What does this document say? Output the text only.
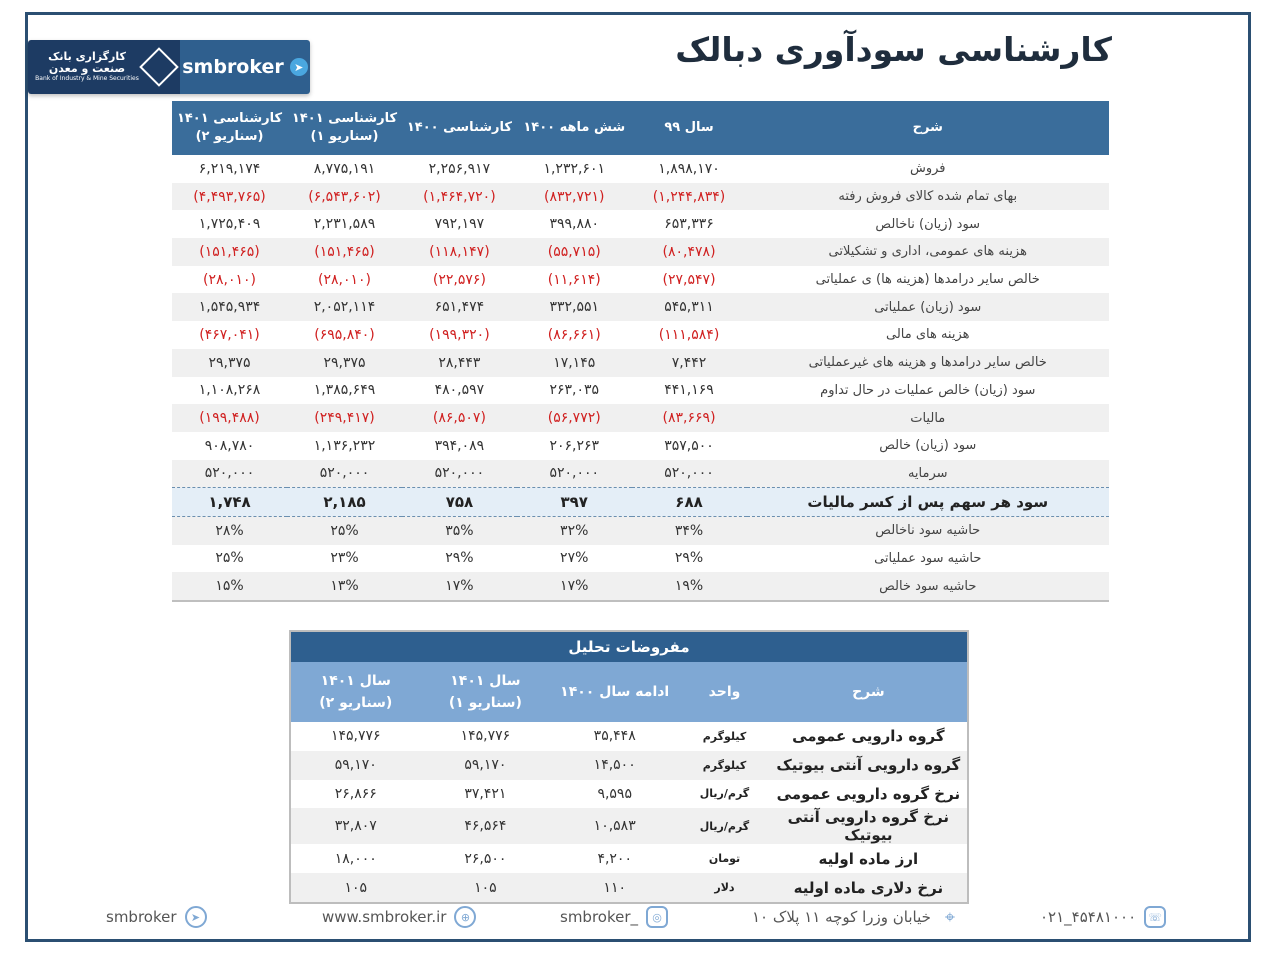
کارشناسی سودآوری دبالک
کارگزاری بانک
صنعت و معدن
Bank of Industry & Mine Securities
smbroker ➤
شرح	سال ۹۹	شش ماهه ۱۴۰۰	کارشناسی ۱۴۰۰	کارشناسی ۱۴۰۱ (سناریو ۱)	کارشناسی ۱۴۰۱ (سناریو ۲)
فروش	۱,۸۹۸,۱۷۰	۱,۲۳۲,۶۰۱	۲,۲۵۶,۹۱۷	۸,۷۷۵,۱۹۱	۶,۲۱۹,۱۷۴
بهای تمام شده کالای فروش رفته	(۱,۲۴۴,۸۳۴)	(۸۳۲,۷۲۱)	(۱,۴۶۴,۷۲۰)	(۶,۵۴۳,۶۰۲)	(۴,۴۹۳,۷۶۵)
سود (زیان) ناخالص	۶۵۳,۳۳۶	۳۹۹,۸۸۰	۷۹۲,۱۹۷	۲,۲۳۱,۵۸۹	۱,۷۲۵,۴۰۹
هزینه های عمومی، اداری و تشکیلاتی	(۸۰,۴۷۸)	(۵۵,۷۱۵)	(۱۱۸,۱۴۷)	(۱۵۱,۴۶۵)	(۱۵۱,۴۶۵)
خالص سایر درامدها (هزینه ها) ی عملیاتی	(۲۷,۵۴۷)	(۱۱,۶۱۴)	(۲۲,۵۷۶)	(۲۸,۰۱۰)	(۲۸,۰۱۰)
سود (زیان) عملیاتی	۵۴۵,۳۱۱	۳۳۲,۵۵۱	۶۵۱,۴۷۴	۲,۰۵۲,۱۱۴	۱,۵۴۵,۹۳۴
هزینه های مالی	(۱۱۱,۵۸۴)	(۸۶,۶۶۱)	(۱۹۹,۳۲۰)	(۶۹۵,۸۴۰)	(۴۶۷,۰۴۱)
خالص سایر درامدها و هزینه های غیرعملیاتی	۷,۴۴۲	۱۷,۱۴۵	۲۸,۴۴۳	۲۹,۳۷۵	۲۹,۳۷۵
سود (زیان) خالص عملیات در حال تداوم	۴۴۱,۱۶۹	۲۶۳,۰۳۵	۴۸۰,۵۹۷	۱,۳۸۵,۶۴۹	۱,۱۰۸,۲۶۸
مالیات	(۸۳,۶۶۹)	(۵۶,۷۷۲)	(۸۶,۵۰۷)	(۲۴۹,۴۱۷)	(۱۹۹,۴۸۸)
سود (زیان) خالص	۳۵۷,۵۰۰	۲۰۶,۲۶۳	۳۹۴,۰۸۹	۱,۱۳۶,۲۳۲	۹۰۸,۷۸۰
سرمایه	۵۲۰,۰۰۰	۵۲۰,۰۰۰	۵۲۰,۰۰۰	۵۲۰,۰۰۰	۵۲۰,۰۰۰
سود هر سهم پس از کسر مالیات	۶۸۸	۳۹۷	۷۵۸	۲,۱۸۵	۱,۷۴۸
حاشیه سود ناخالص	۳۴%	۳۲%	۳۵%	۲۵%	۲۸%
حاشیه سود عملیاتی	۲۹%	۲۷%	۲۹%	۲۳%	۲۵%
حاشیه سود خالص	۱۹%	۱۷%	۱۷%	۱۳%	۱۵%
مفروضات تحلیل				
شرح	واحد	ادامه سال ۱۴۰۰	سال ۱۴۰۱ (سناریو ۱)	سال ۱۴۰۱ (سناریو ۲)
گروه دارویی عمومی	کیلوگرم	۳۵,۴۴۸	۱۴۵,۷۷۶	۱۴۵,۷۷۶
گروه دارویی آنتی بیوتیک	کیلوگرم	۱۴,۵۰۰	۵۹,۱۷۰	۵۹,۱۷۰
نرخ گروه دارویی عمومی	گرم/ریال	۹,۵۹۵	۳۷,۴۲۱	۲۶,۸۶۶
نرخ گروه دارویی آنتی بیوتیک	گرم/ریال	۱۰,۵۸۳	۴۶,۵۶۴	۳۲,۸۰۷
ارز ماده اولیه	تومان	۴,۲۰۰	۲۶,۵۰۰	۱۸,۰۰۰
نرخ دلاری ماده اولیه	دلار	۱۱۰	۱۰۵	۱۰۵
۰۲۱_۴۵۴۸۱۰۰۰	☏
خیابان وزرا کوچه ۱۱ پلاک ۱۰ ⌖
smbroker_	◎
www.smbroker.ir	⊕
smbroker	➤
